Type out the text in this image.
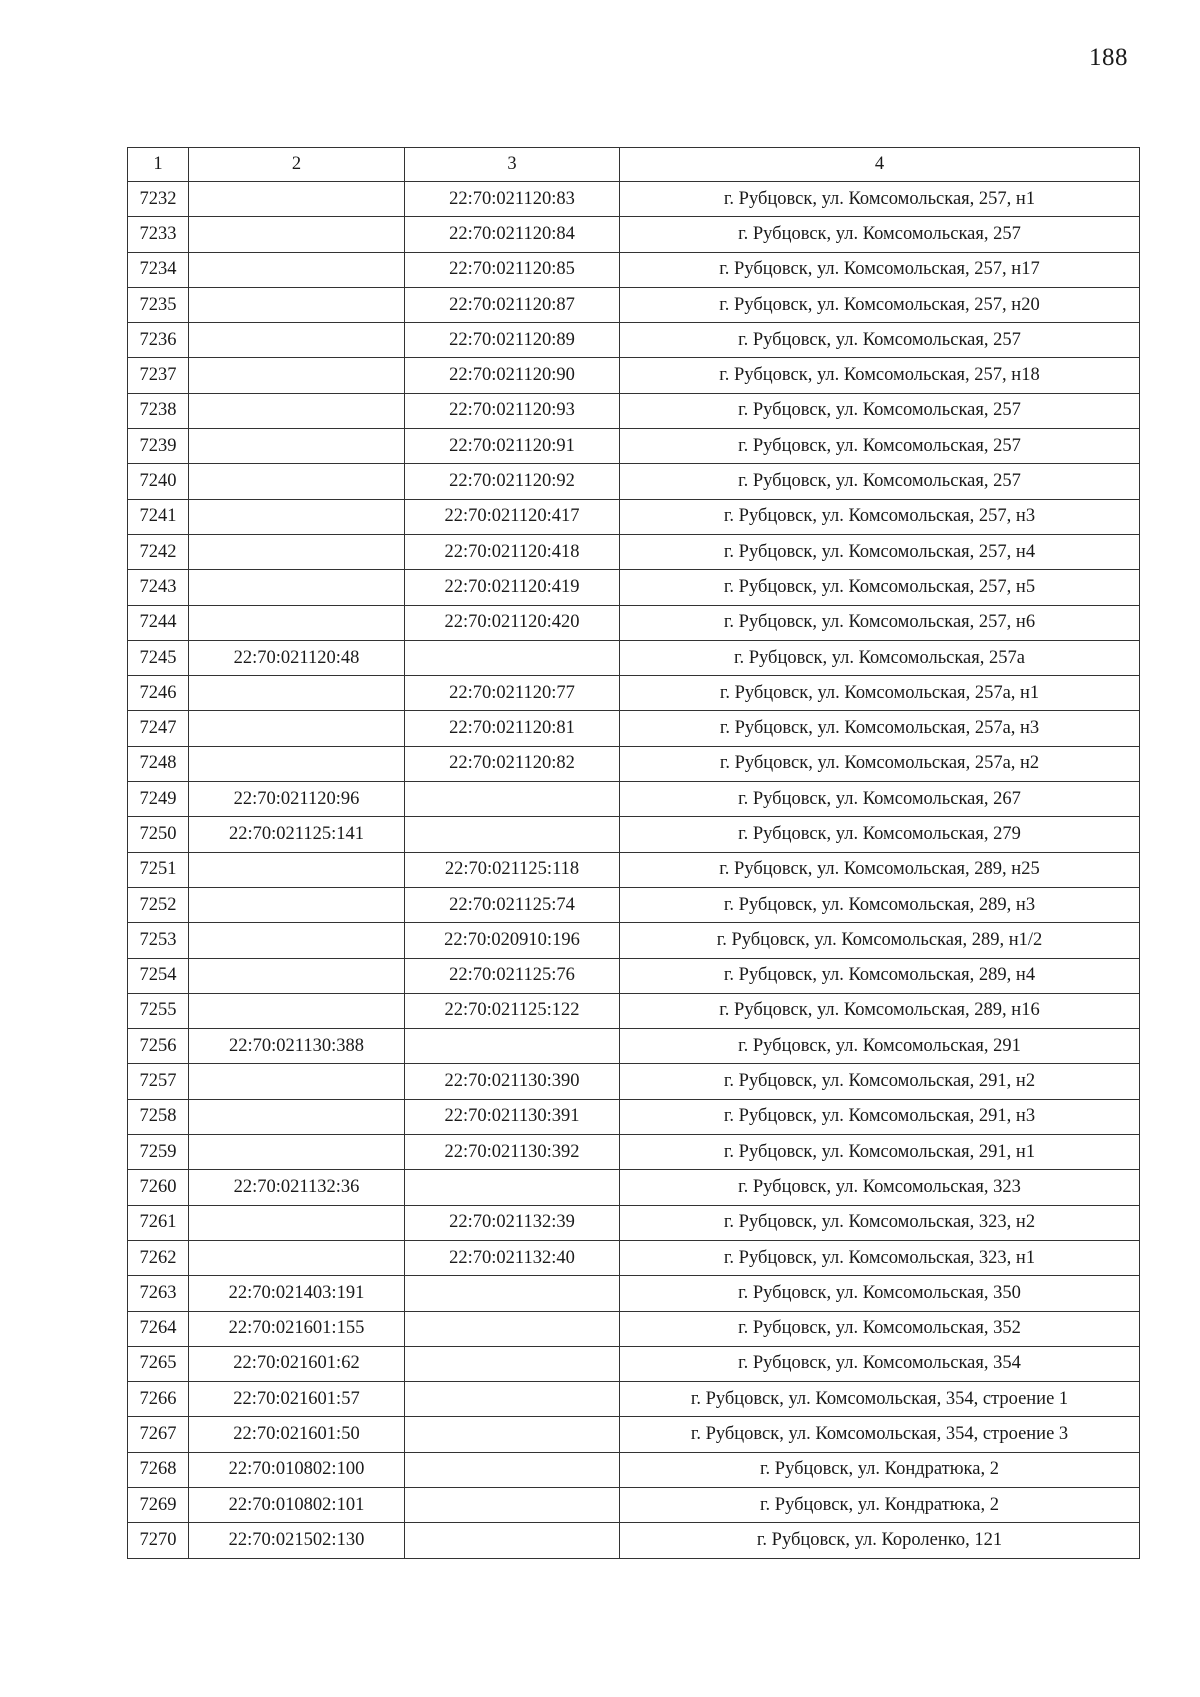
188
1	2	3	4
7232		22:70:021120:83	г. Рубцовск, ул. Комсомольская, 257, н1
7233		22:70:021120:84	г. Рубцовск, ул. Комсомольская, 257
7234		22:70:021120:85	г. Рубцовск, ул. Комсомольская, 257, н17
7235		22:70:021120:87	г. Рубцовск, ул. Комсомольская, 257, н20
7236		22:70:021120:89	г. Рубцовск, ул. Комсомольская, 257
7237		22:70:021120:90	г. Рубцовск, ул. Комсомольская, 257, н18
7238		22:70:021120:93	г. Рубцовск, ул. Комсомольская, 257
7239		22:70:021120:91	г. Рубцовск, ул. Комсомольская, 257
7240		22:70:021120:92	г. Рубцовск, ул. Комсомольская, 257
7241		22:70:021120:417	г. Рубцовск, ул. Комсомольская, 257, н3
7242		22:70:021120:418	г. Рубцовск, ул. Комсомольская, 257, н4
7243		22:70:021120:419	г. Рубцовск, ул. Комсомольская, 257, н5
7244		22:70:021120:420	г. Рубцовск, ул. Комсомольская, 257, н6
7245	22:70:021120:48		г. Рубцовск, ул. Комсомольская, 257а
7246		22:70:021120:77	г. Рубцовск, ул. Комсомольская, 257а, н1
7247		22:70:021120:81	г. Рубцовск, ул. Комсомольская, 257а, н3
7248		22:70:021120:82	г. Рубцовск, ул. Комсомольская, 257а, н2
7249	22:70:021120:96		г. Рубцовск, ул. Комсомольская, 267
7250	22:70:021125:141		г. Рубцовск, ул. Комсомольская, 279
7251		22:70:021125:118	г. Рубцовск, ул. Комсомольская, 289, н25
7252		22:70:021125:74	г. Рубцовск, ул. Комсомольская, 289, н3
7253		22:70:020910:196	г. Рубцовск, ул. Комсомольская, 289, н1/2
7254		22:70:021125:76	г. Рубцовск, ул. Комсомольская, 289, н4
7255		22:70:021125:122	г. Рубцовск, ул. Комсомольская, 289, н16
7256	22:70:021130:388		г. Рубцовск, ул. Комсомольская, 291
7257		22:70:021130:390	г. Рубцовск, ул. Комсомольская, 291, н2
7258		22:70:021130:391	г. Рубцовск, ул. Комсомольская, 291, н3
7259		22:70:021130:392	г. Рубцовск, ул. Комсомольская, 291, н1
7260	22:70:021132:36		г. Рубцовск, ул. Комсомольская, 323
7261		22:70:021132:39	г. Рубцовск, ул. Комсомольская, 323, н2
7262		22:70:021132:40	г. Рубцовск, ул. Комсомольская, 323, н1
7263	22:70:021403:191		г. Рубцовск, ул. Комсомольская, 350
7264	22:70:021601:155		г. Рубцовск, ул. Комсомольская, 352
7265	22:70:021601:62		г. Рубцовск, ул. Комсомольская, 354
7266	22:70:021601:57		г. Рубцовск, ул. Комсомольская, 354, строение 1
7267	22:70:021601:50		г. Рубцовск, ул. Комсомольская, 354, строение 3
7268	22:70:010802:100		г. Рубцовск, ул. Кондратюка, 2
7269	22:70:010802:101		г. Рубцовск, ул. Кондратюка, 2
7270	22:70:021502:130		г. Рубцовск, ул. Короленко, 121
